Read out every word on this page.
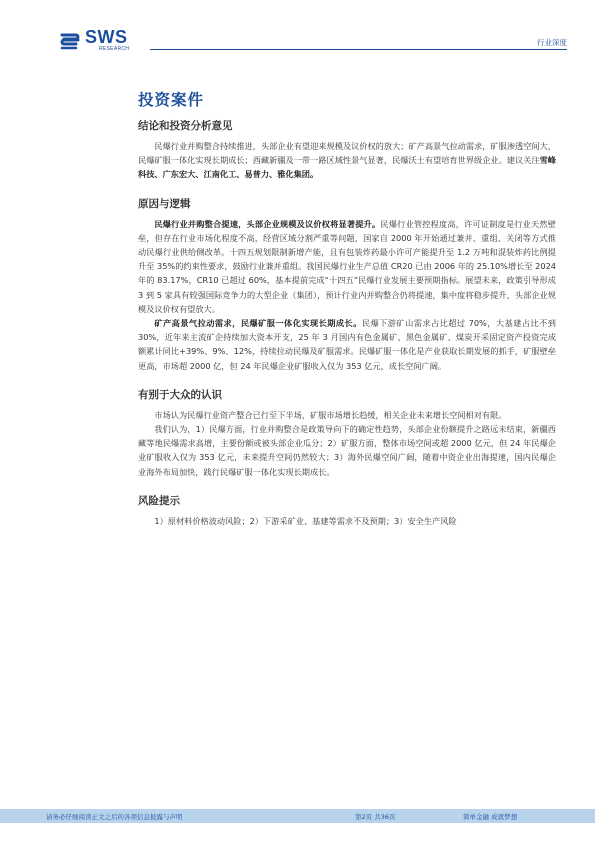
SWS
RESEARCH
行业深度
投资案件
结论和投资分析意见

民爆行业并购整合持续推进，头部企业有望迎来规模及议价权的放大；矿产高景气拉动需求，矿服渗透空间大，民爆矿服一体化实现长期成长；西藏新疆及一带一路区域性景气显著，民爆沃土有望培育世界级企业。建议关注雪峰科技、广东宏大、江南化工、易普力、雅化集团。

原因与逻辑

民爆行业并购整合提速，头部企业规模及议价权将显著提升。民爆行业管控程度高，许可证制度是行业天然壁垒，但存在行业市场化程度不高，经营区域分割严重等问题，国家自 2000 年开始通过兼并、重组、关闭等方式推动民爆行业供给侧改革。十四五规划限制新增产能，且有包装炸药最小许可产能提升至 1.2 万吨和混装炸药比例提升至 35%的约束性要求，鼓励行业兼并重组。我国民爆行业生产总值 CR20 已由 2006 年的 25.10%增长至 2024 年的 83.17%，CR10 已超过 60%，基本提前完成“十四五”民爆行业发展主要预期指标。展望未来，政策引导形成 3 到 5 家具有较强国际竞争力的大型企业（集团），预计行业内并购整合仍将提速，集中度将稳步提升，头部企业规模及议价权有望放大。

矿产高景气拉动需求，民爆矿服一体化实现长期成长。民爆下游矿山需求占比超过 70%，大基建占比不到 30%，近年来主流矿企持续加大资本开支，25 年 3 月国内有色金属矿、黑色金属矿、煤炭开采固定资产投资完成额累计同比+39%、9%、12%，持续拉动民爆及矿服需求。民爆矿服一体化是产业获取长期发展的抓手，矿服壁垒更高，市场超 2000 亿，但 24 年民爆企业矿服收入仅为 353 亿元，成长空间广阔。

有别于大众的认识

市场认为民爆行业资产整合已行至下半场，矿服市场增长趋缓，相关企业未来增长空间相对有限。

我们认为，1）民爆方面，行业并购整合是政策导向下的确定性趋势，头部企业份额提升之路远未结束，新疆西藏等地民爆需求高增，主要份额或被头部企业瓜分；2）矿服方面，整体市场空间或超 2000 亿元，但 24 年民爆企业矿服收入仅为 353 亿元，未来提升空间仍然较大；3）海外民爆空间广阔，随着中资企业出海提速，国内民爆企业海外布局加快，践行民爆矿服一体化实现长期成长。

风险提示

1）原材料价格波动风险；2）下游采矿业、基建等需求不及预期；3）安全生产风险

请务必仔细阅读正文之后的各项信息披露与声明	第2页 共36页	简单金融 成就梦想
